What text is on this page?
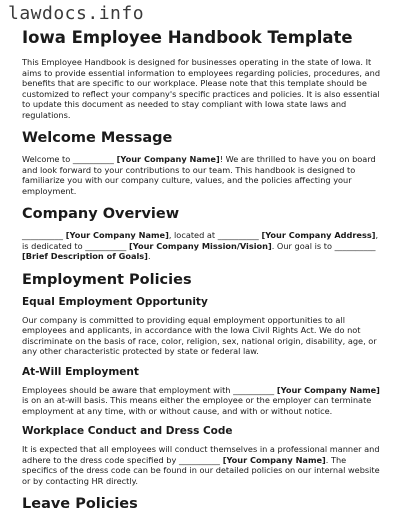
lawdocs.info
Iowa Employee Handbook Template

This Employee Handbook is designed for businesses operating in the state of Iowa. It aims to provide essential information to employees regarding policies, procedures, and benefits that are specific to our workplace. Please note that this template should be customized to reflect your company's specific practices and policies. It is also essential to update this document as needed to stay compliant with Iowa state laws and regulations.

Welcome Message

Welcome to __________ [Your Company Name]! We are thrilled to have you on board and look forward to your contributions to our team. This handbook is designed to familiarize you with our company culture, values, and the policies affecting your employment.

Company Overview

__________ [Your Company Name], located at __________ [Your Company Address], is dedicated to __________ [Your Company Mission/Vision]. Our goal is to __________
[Brief Description of Goals].

Employment Policies
Equal Employment Opportunity

Our company is committed to providing equal employment opportunities to all employees and applicants, in accordance with the Iowa Civil Rights Act. We do not discriminate on the basis of race, color, religion, sex, national origin, disability, age, or any other characteristic protected by state or federal law.

At-Will Employment

Employees should be aware that employment with __________ [Your Company Name] is on an at-will basis. This means either the employee or the employer can terminate employment at any time, with or without cause, and with or without notice.

Workplace Conduct and Dress Code

It is expected that all employees will conduct themselves in a professional manner and adhere to the dress code specified by __________ [Your Company Name]. The specifics of the dress code can be found in our detailed policies on our internal website or by contacting HR directly.

Leave Policies
